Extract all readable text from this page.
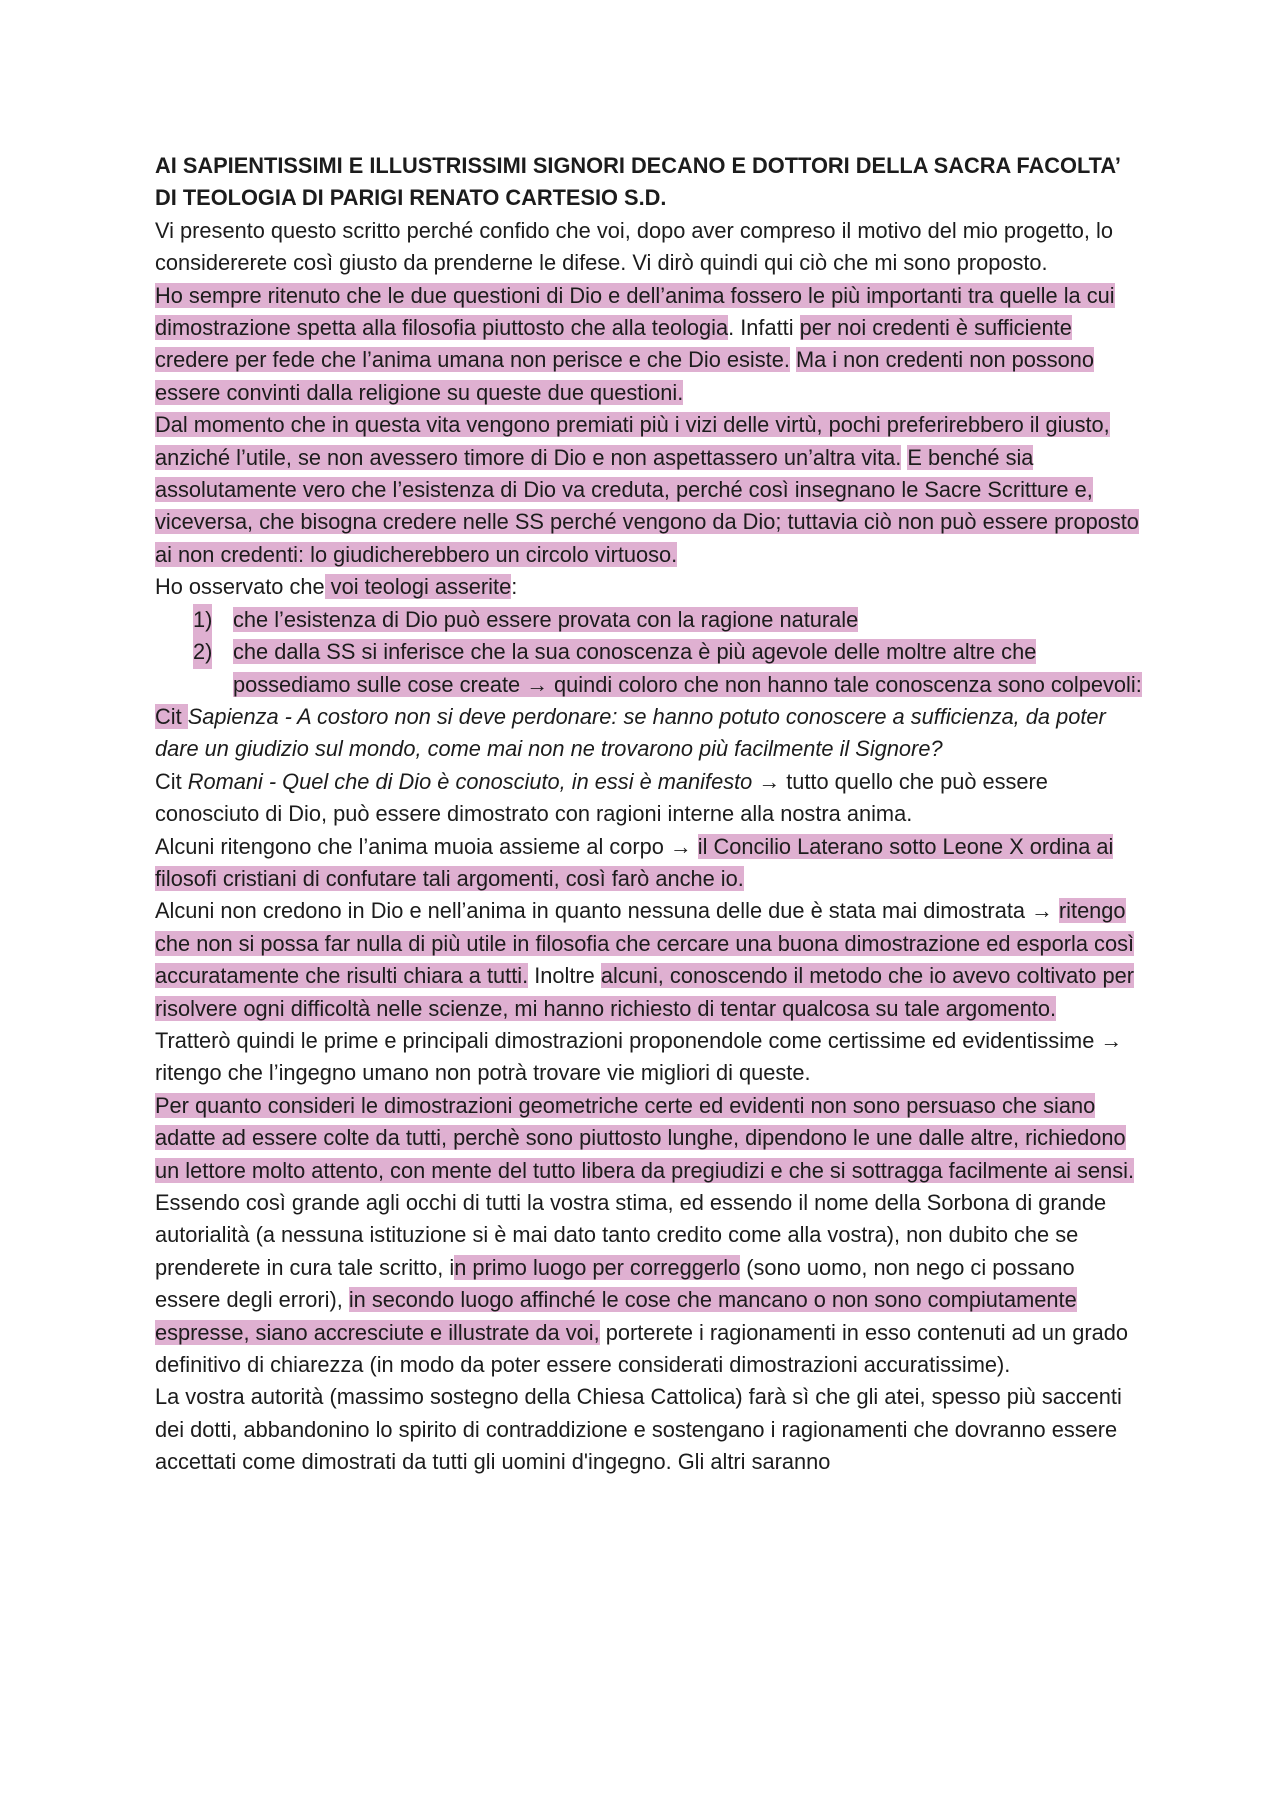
AI SAPIENTISSIMI E ILLUSTRISSIMI SIGNORI DECANO E DOTTORI DELLA SACRA FACOLTA’ DI TEOLOGIA DI PARIGI RENATO CARTESIO S.D.
Vi presento questo scritto perché confido che voi, dopo aver compreso il motivo del mio progetto, lo considererete così giusto da prenderne le difese. Vi dirò quindi qui ciò che mi sono proposto.
Ho sempre ritenuto che le due questioni di Dio e dell’anima fossero le più importanti tra quelle la cui dimostrazione spetta alla filosofia piuttosto che alla teologia. Infatti per noi credenti è sufficiente credere per fede che l’anima umana non perisce e che Dio esiste. Ma i non credenti non possono essere convinti dalla religione su queste due questioni.
Dal momento che in questa vita vengono premiati più i vizi delle virtù, pochi preferirebbero il giusto, anziché l’utile, se non avessero timore di Dio e non aspettassero un’altra vita. E benché sia assolutamente vero che l’esistenza di Dio va creduta, perché così insegnano le Sacre Scritture e, viceversa, che bisogna credere nelle SS perché vengono da Dio; tuttavia ciò non può essere proposto ai non credenti: lo giudicherebbero un circolo virtuoso.
Ho osservato che voi teologi asserite:
1) che l’esistenza di Dio può essere provata con la ragione naturale
2) che dalla SS si inferisce che la sua conoscenza è più agevole delle moltre altre che possediamo sulle cose create → quindi coloro che non hanno tale conoscenza sono colpevoli:
Cit Sapienza - A costoro non si deve perdonare: se hanno potuto conoscere a sufficienza, da poter dare un giudizio sul mondo, come mai non ne trovarono più facilmente il Signore?
Cit Romani - Quel che di Dio è conosciuto, in essi è manifesto → tutto quello che può essere conosciuto di Dio, può essere dimostrato con ragioni interne alla nostra anima.
Alcuni ritengono che l’anima muoia assieme al corpo → il Concilio Laterano sotto Leone X ordina ai filosofi cristiani di confutare tali argomenti, così farò anche io.
Alcuni non credono in Dio e nell’anima in quanto nessuna delle due è stata mai dimostrata → ritengo che non si possa far nulla di più utile in filosofia che cercare una buona dimostrazione ed esporla così accuratamente che risulti chiara a tutti. Inoltre alcuni, conoscendo il metodo che io avevo coltivato per risolvere ogni difficoltà nelle scienze, mi hanno richiesto di tentar qualcosa su tale argomento.
Tratterò quindi le prime e principali dimostrazioni proponendole come certissime ed evidentissime → ritengo che l’ingegno umano non potrà trovare vie migliori di queste.
Per quanto consideri le dimostrazioni geometriche certe ed evidenti non sono persuaso che siano adatte ad essere colte da tutti, perchè sono piuttosto lunghe, dipendono le une dalle altre, richiedono un lettore molto attento, con mente del tutto libera da pregiudizi e che si sottragga facilmente ai sensi.
Essendo così grande agli occhi di tutti la vostra stima, ed essendo il nome della Sorbona di grande autorialità (a nessuna istituzione si è mai dato tanto credito come alla vostra), non dubito che se prenderete in cura tale scritto, in primo luogo per correggerlo (sono uomo, non nego ci possano essere degli errori), in secondo luogo affinché le cose che mancano o non sono compiutamente espresse, siano accresciute e illustrate da voi, porterete i ragionamenti in esso contenuti ad un grado definitivo di chiarezza (in modo da poter essere considerati dimostrazioni accuratissime).
La vostra autorità (massimo sostegno della Chiesa Cattolica) farà sì che gli atei, spesso più saccenti dei dotti, abbandonino lo spirito di contraddizione e sostengano i ragionamenti che dovranno essere accettati come dimostrati da tutti gli uomini d'ingegno. Gli altri saranno
